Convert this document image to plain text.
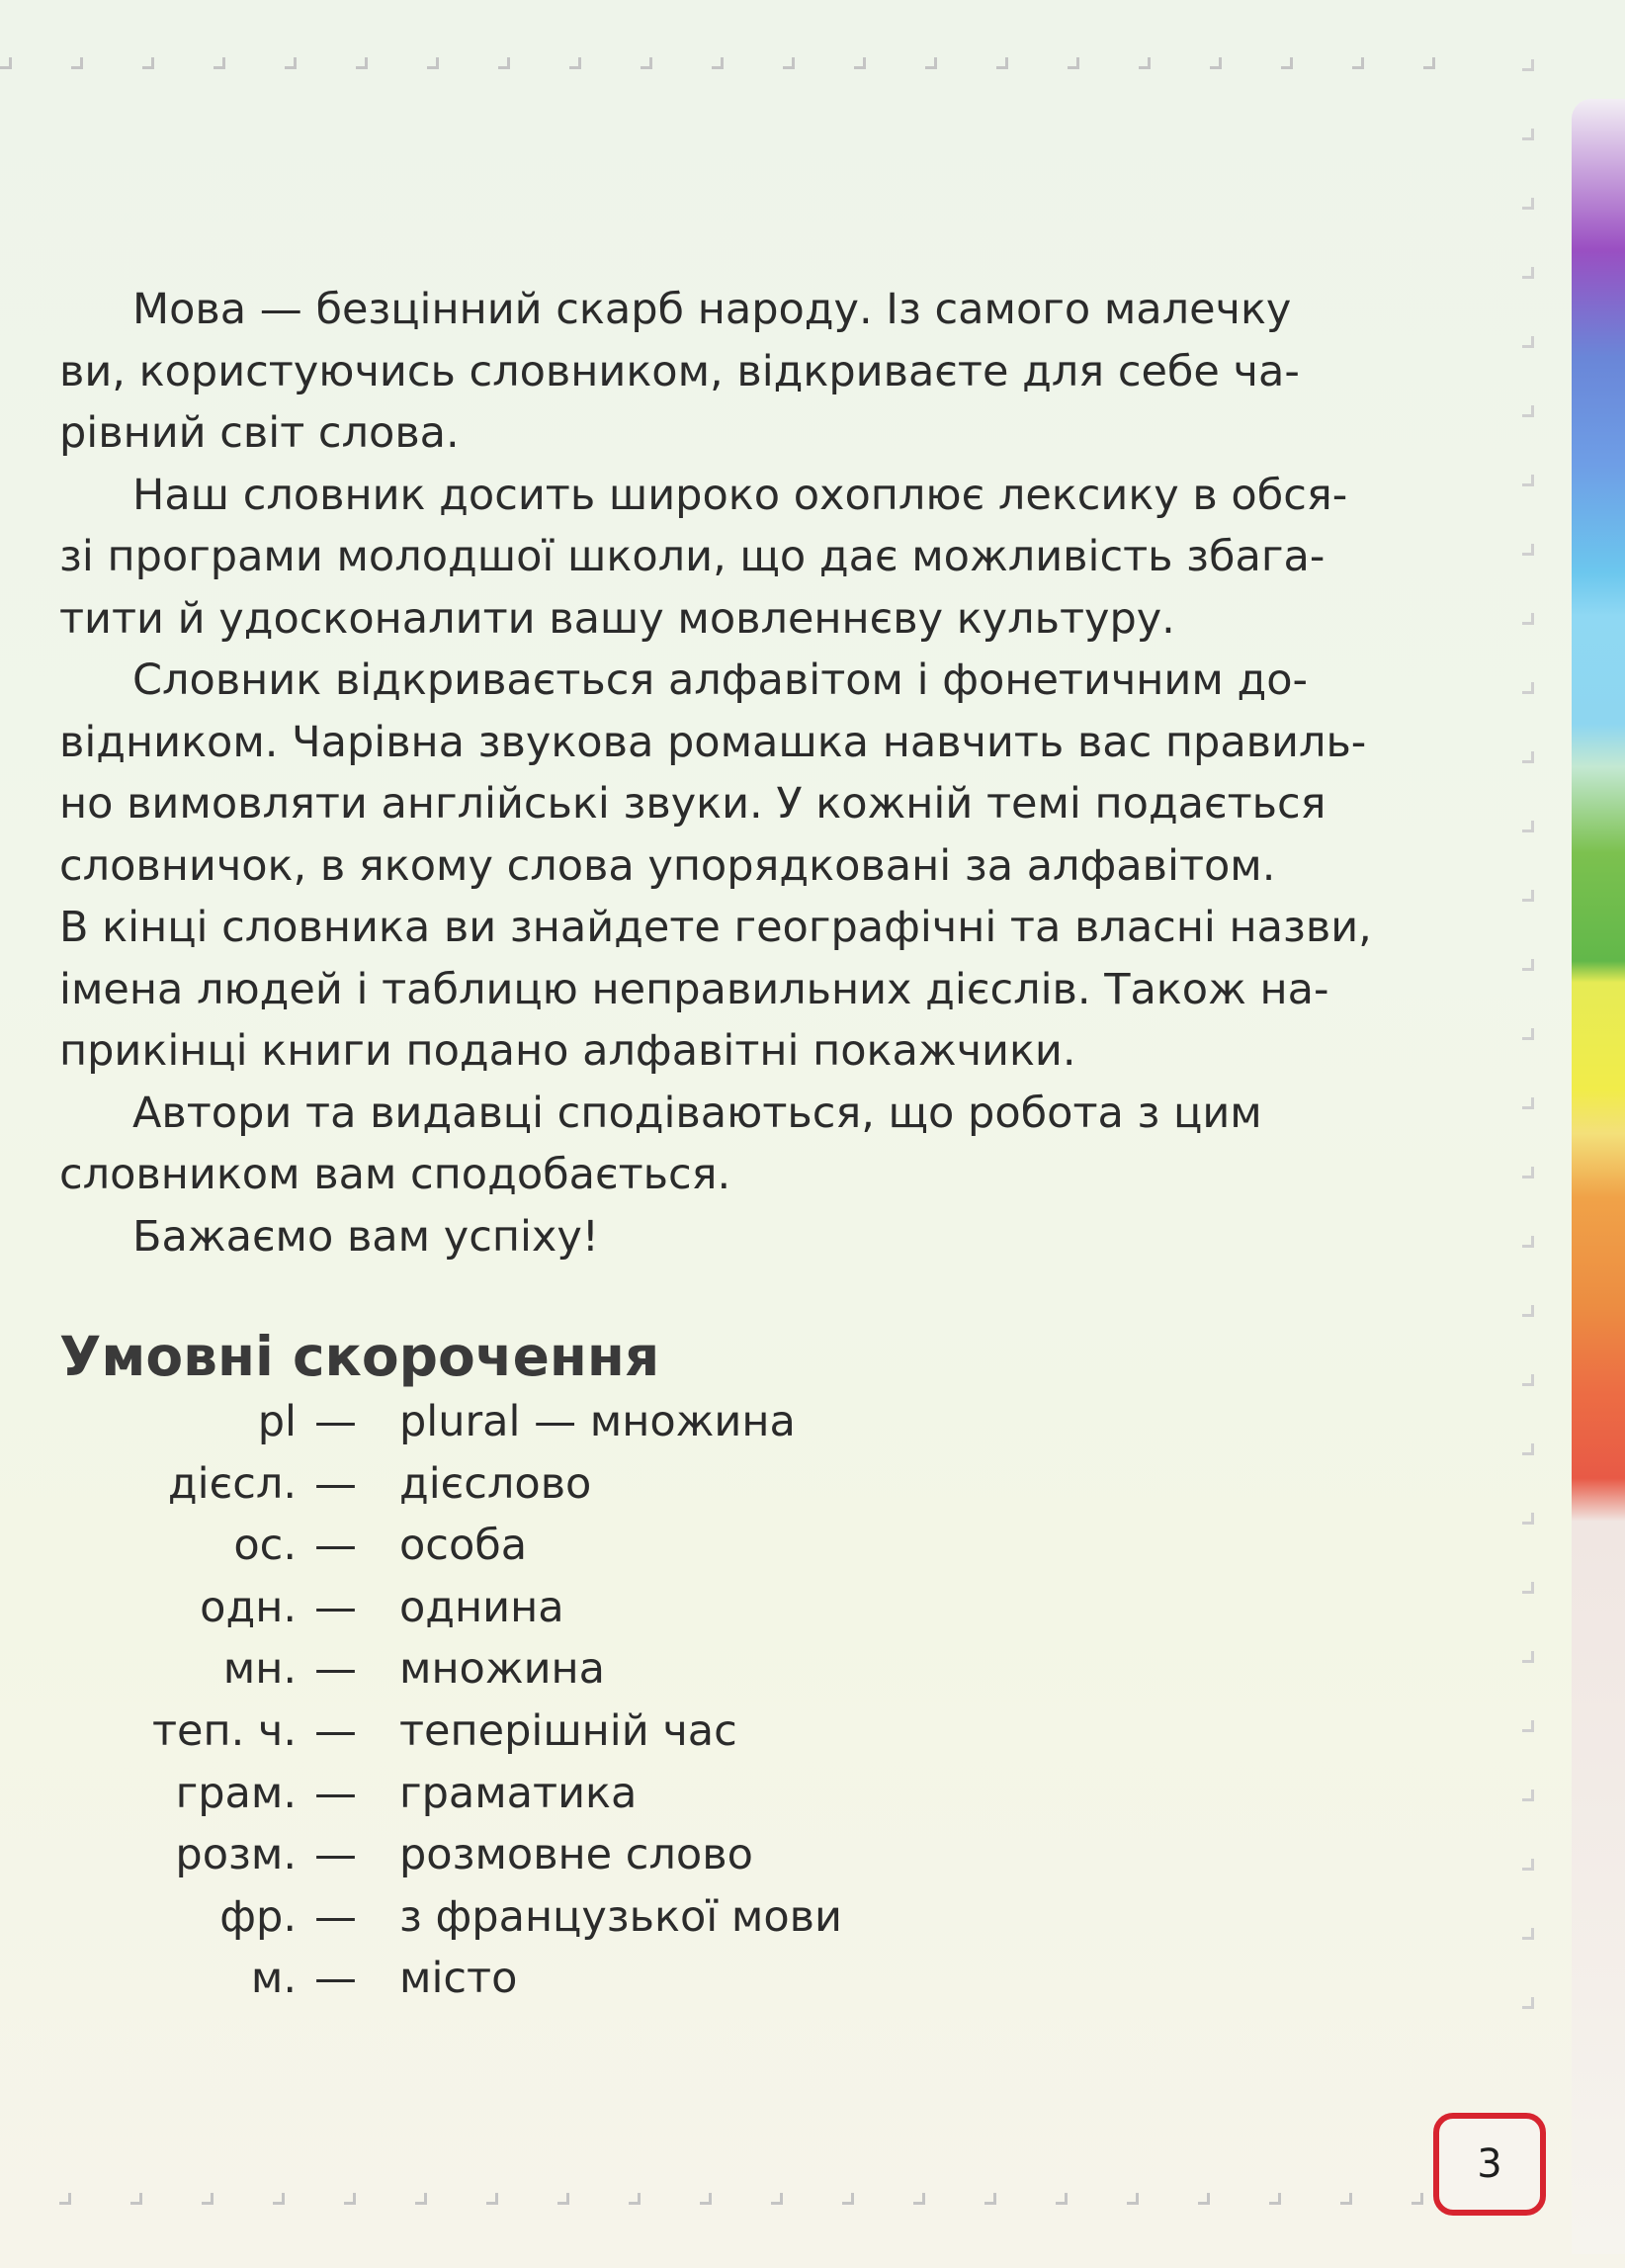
Мова — безцінний скарб народу. Із самого малечку
ви, користуючись словником, відкриваєте для себе ча-
рівний світ слова.

Наш словник досить широко охоплює лексику в обся-
зі програми молодшої школи, що дає можливість збага-
тити й удосконалити вашу мовленнєву культуру.

Словник відкривається алфавітом і фонетичним до-
відником. Чарівна звукова ромашка навчить вас правиль-
но вимовляти англійські звуки. У кожній темі подається
словничок, в якому слова упорядковані за алфавітом.
В кінці словника ви знайдете географічні та власні назви,
імена людей і таблицю неправильних дієслів. Також на-
прикінці книги подано алфавітні покажчики.

Автори та видавці сподіваються, що робота з цим
словником вам сподобається.

Бажаємо вам успіху!

Умовні скорочення
pl — plural — множина
дієсл. — дієслово
ос. — особа
одн. — однина
мн. — множина
теп. ч. — теперішній час
грам. — граматика
розм. — розмовне слово
фр. — з французької мови
м. — місто
3
